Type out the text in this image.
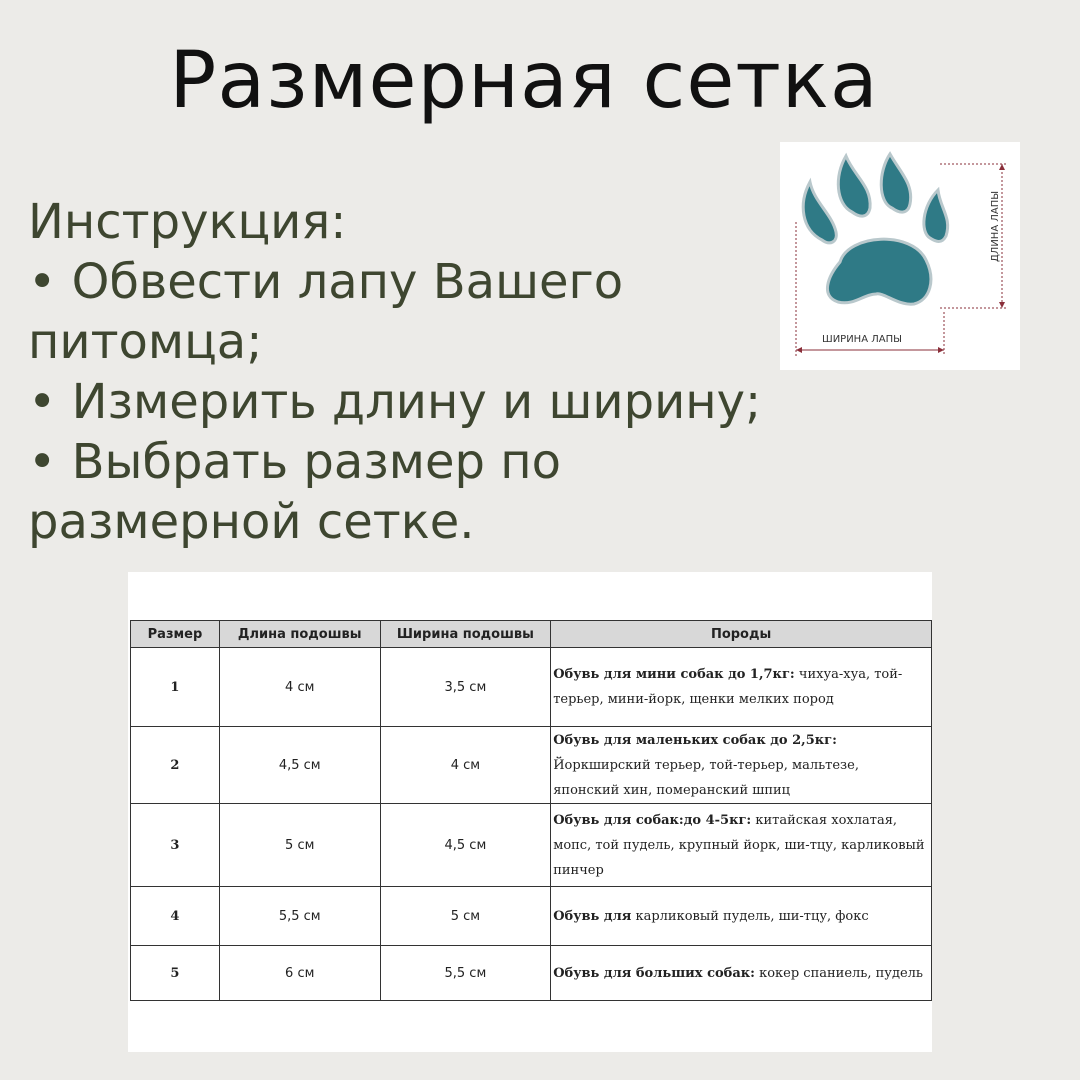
Размерная сетка
Инструкция:
• Обвести лапу Вашего
питомца;
• Измерить длину и ширину;
• Выбрать размер по
размерной сетке.
ДЛИНА ЛАПЫ
ШИРИНА ЛАПЫ
Размер	Длина подошвы	Ширина подошвы	Породы
1	4 см	3,5 см	Обувь для мини собак до 1,7кг: чихуа-хуа, той-терьер, мини-йорк, щенки мелких пород
2	4,5 см	4 см	Обувь для маленьких собак до 2,5кг: Йоркширский терьер, той-терьер, мальтезе, японский хин, померанский шпиц
3	5 см	4,5 см	Обувь для собак:до 4-5кг: китайская хохлатая, мопс, той пудель, крупный йорк, ши-тцу, карликовый пинчер
4	5,5 см	5 см	Обувь для карликовый пудель, ши-тцу, фокс
5	6 см	5,5 см	Обувь для больших собак: кокер спаниель, пудель
